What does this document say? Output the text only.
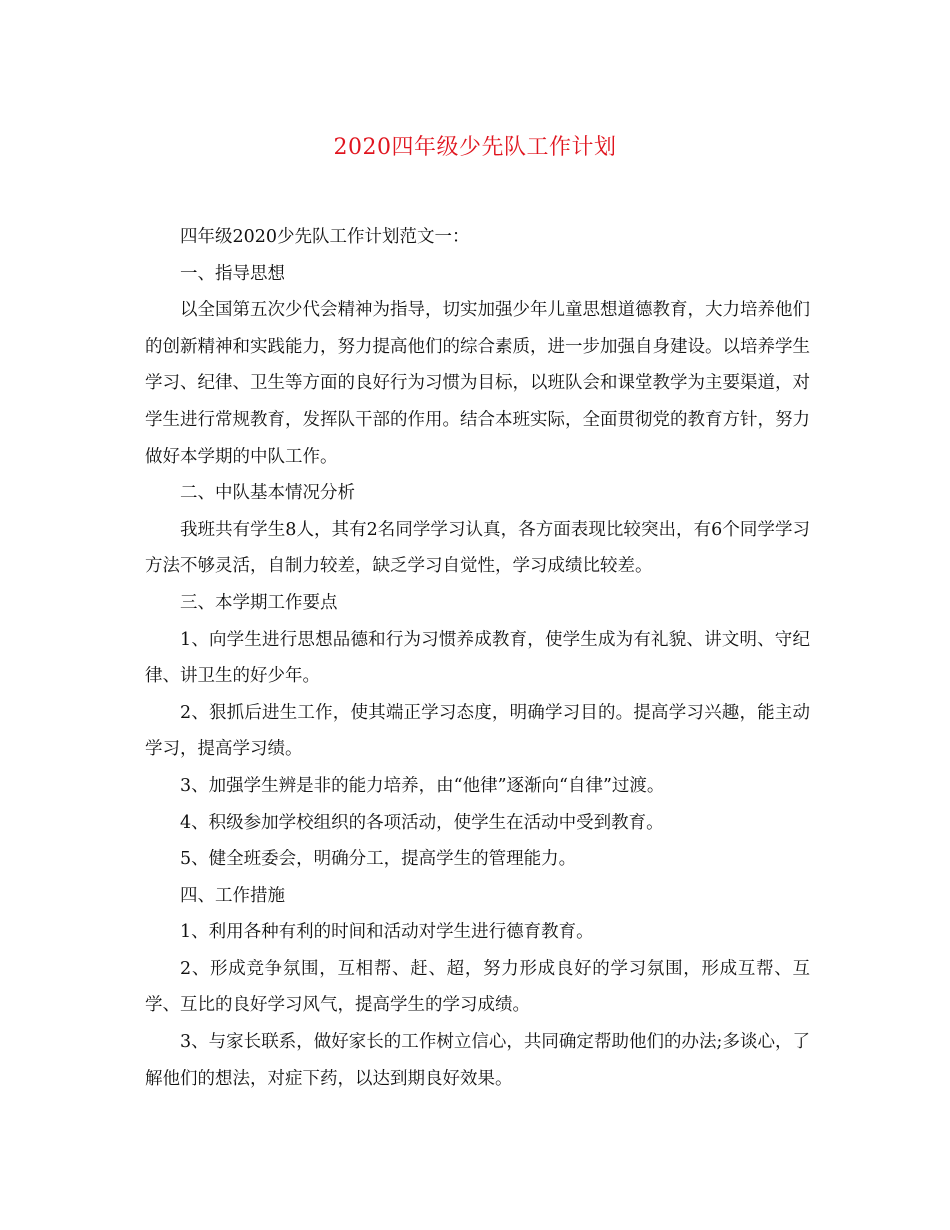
2020四年级少先队工作计划

四年级2020少先队工作计划范文一：

一、指导思想

以全国第五次少代会精神为指导，切实加强少年儿童思想道德教育，大力培养他们的创新精神和实践能力，努力提高他们的综合素质，进一步加强自身建设。以培养学生学习、纪律、卫生等方面的良好行为习惯为目标，以班队会和课堂教学为主要渠道，对学生进行常规教育，发挥队干部的作用。结合本班实际，全面贯彻党的教育方针，努力做好本学期的中队工作。

二、中队基本情况分析

我班共有学生8人，其有2名同学学习认真，各方面表现比较突出，有6个同学学习方法不够灵活，自制力较差，缺乏学习自觉性，学习成绩比较差。

三、本学期工作要点

1、向学生进行思想品德和行为习惯养成教育，使学生成为有礼貌、讲文明、守纪律、讲卫生的好少年。

2、狠抓后进生工作，使其端正学习态度，明确学习目的。提高学习兴趣，能主动学习，提高学习绩。

3、加强学生辨是非的能力培养，由“他律”逐渐向“自律”过渡。

4、积级参加学校组织的各项活动，使学生在活动中受到教育。

5、健全班委会，明确分工，提高学生的管理能力。

四、工作措施

1、利用各种有利的时间和活动对学生进行德育教育。

2、形成竞争氛围，互相帮、赶、超，努力形成良好的学习氛围，形成互帮、互学、互比的良好学习风气，提高学生的学习成绩。

3、与家长联系，做好家长的工作树立信心，共同确定帮助他们的办法;多谈心，了解他们的想法，对症下药，以达到期良好效果。
